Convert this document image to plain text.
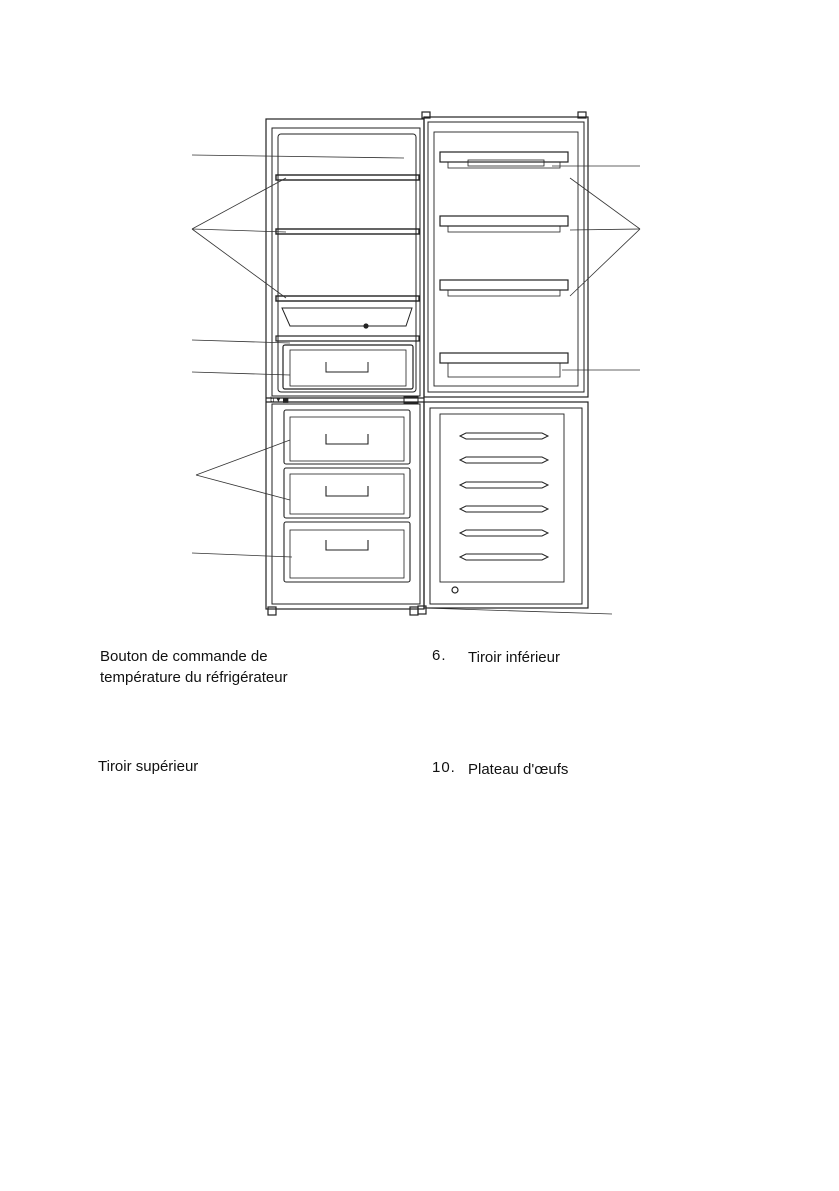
b ▾ ■
Bouton de commande de
température du réfrigérateur
6. Tiroir inférieur
Tiroir supérieur	10. Plateau d'œufs
